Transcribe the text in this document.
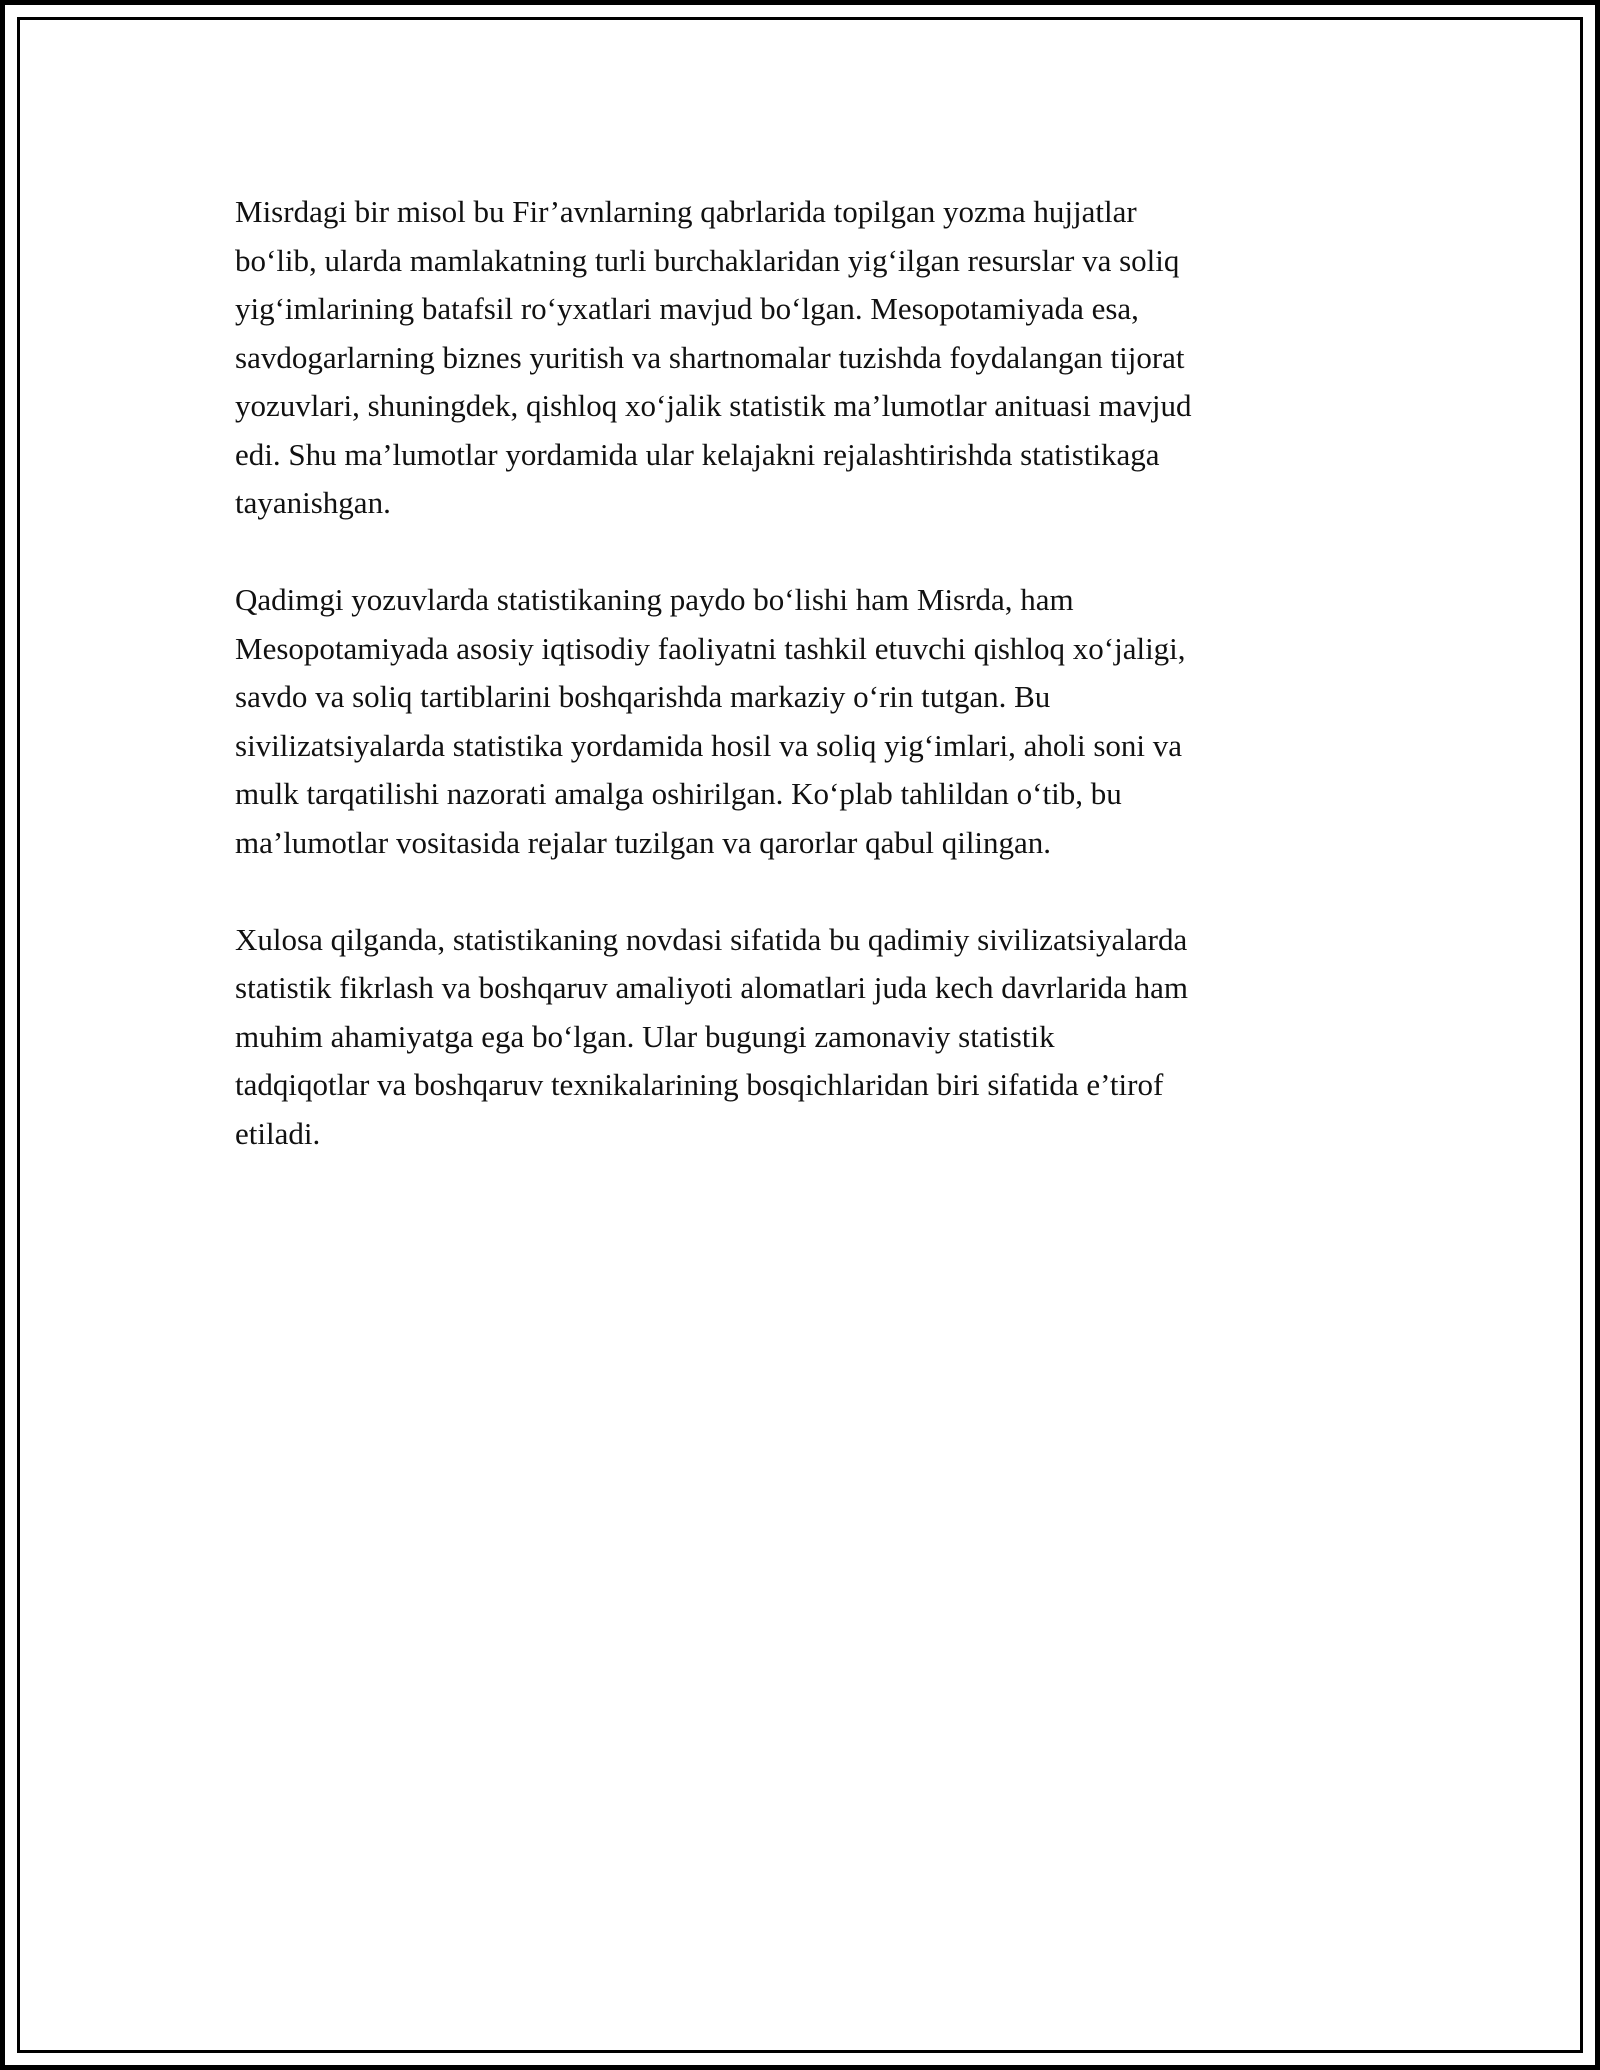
Misrdagi bir misol bu Fir’avnlarning qabrlarida topilgan yozma hujjatlar
bo‘lib, ularda mamlakatning turli burchaklaridan yig‘ilgan resurslar va soliq
yig‘imlarining batafsil ro‘yxatlari mavjud bo‘lgan. Mesopotamiyada esa,
savdogarlarning biznes yuritish va shartnomalar tuzishda foydalangan tijorat
yozuvlari, shuningdek, qishloq xo‘jalik statistik ma’lumotlar anituasi mavjud
edi. Shu ma’lumotlar yordamida ular kelajakni rejalashtirishda statistikaga
tayanishgan.

Qadimgi yozuvlarda statistikaning paydo bo‘lishi ham Misrda, ham
Mesopotamiyada asosiy iqtisodiy faoliyatni tashkil etuvchi qishloq xo‘jaligi,
savdo va soliq tartiblarini boshqarishda markaziy o‘rin tutgan. Bu
sivilizatsiyalarda statistika yordamida hosil va soliq yig‘imlari, aholi soni va
mulk tarqatilishi nazorati amalga oshirilgan. Ko‘plab tahlildan o‘tib, bu
ma’lumotlar vositasida rejalar tuzilgan va qarorlar qabul qilingan.

Xulosa qilganda, statistikaning novdasi sifatida bu qadimiy sivilizatsiyalarda
statistik fikrlash va boshqaruv amaliyoti alomatlari juda kech davrlarida ham
muhim ahamiyatga ega bo‘lgan. Ular bugungi zamonaviy statistik
tadqiqotlar va boshqaruv texnikalarining bosqichlaridan biri sifatida e’tirof
etiladi.
